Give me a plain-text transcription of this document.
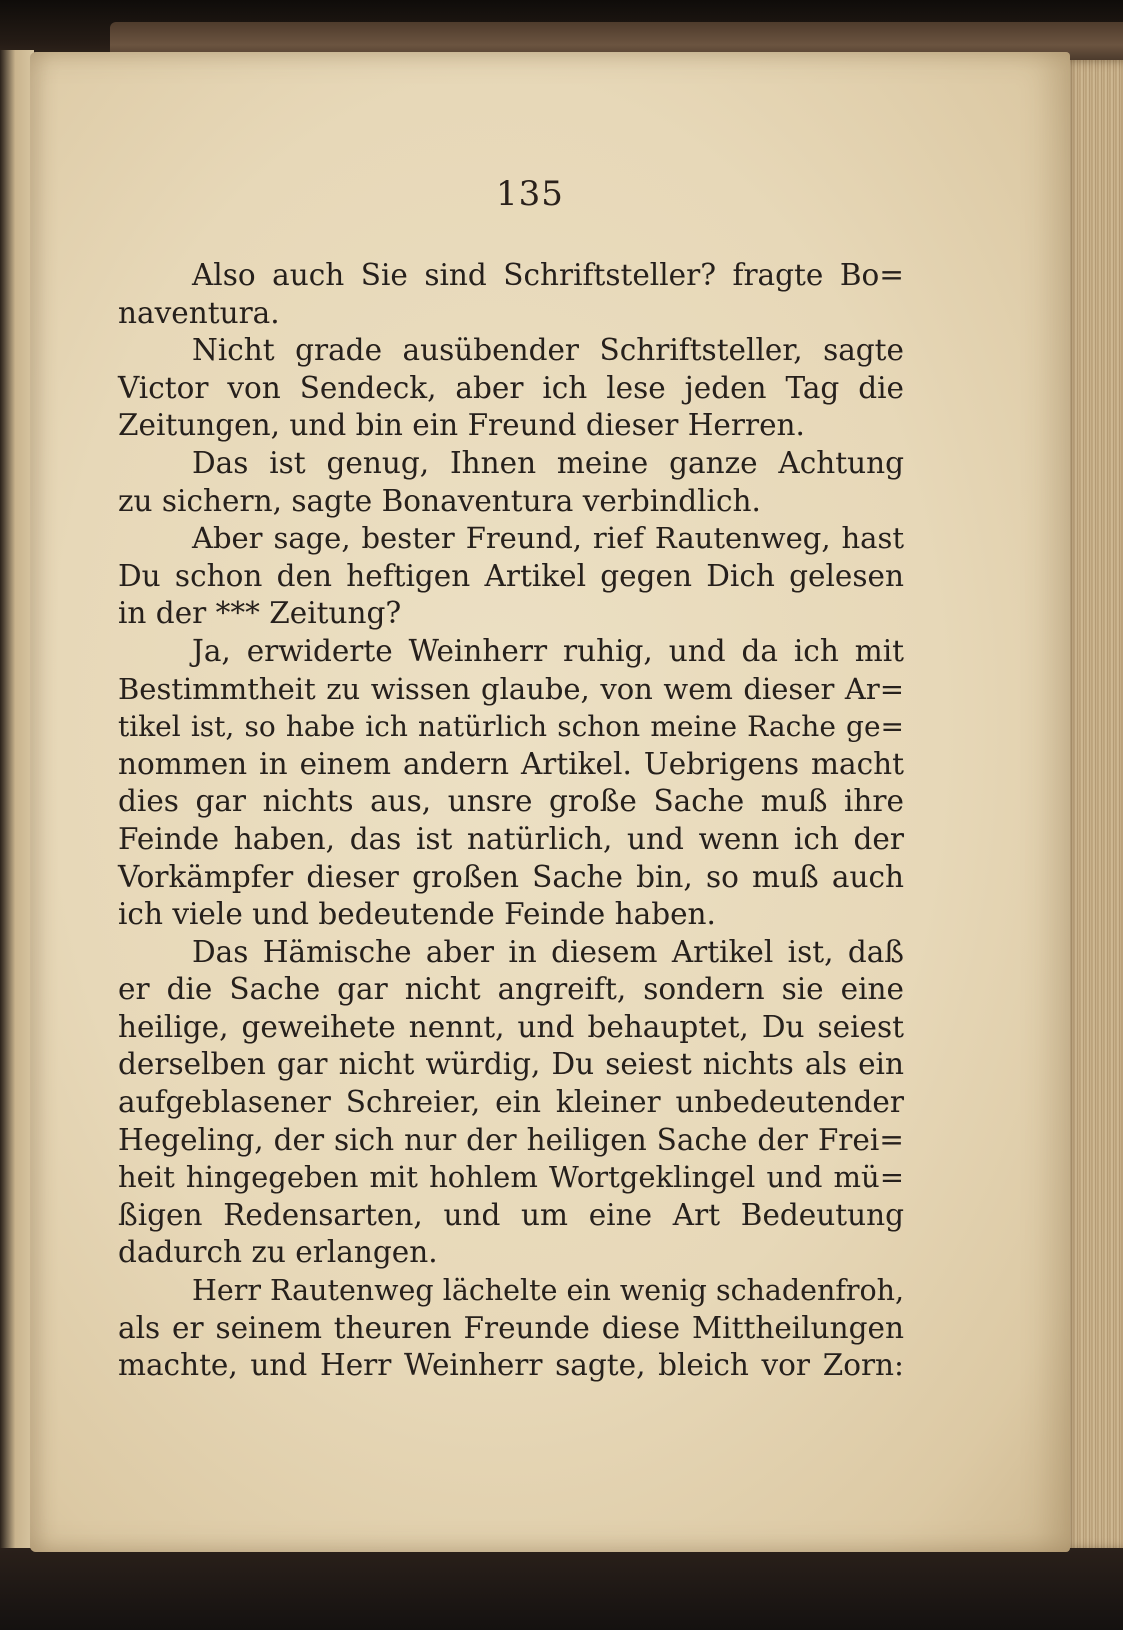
135
Also auch Sie sind Schriftsteller? fragte Bo=
naventura.
Nicht grade ausübender Schriftsteller, sagte
Victor von Sendeck, aber ich lese jeden Tag die
Zeitungen, und bin ein Freund dieser Herren.
Das ist genug, Ihnen meine ganze Achtung
zu sichern, sagte Bonaventura verbindlich.
Aber sage, bester Freund, rief Rautenweg, hast
Du schon den heftigen Artikel gegen Dich gelesen
in der *** Zeitung?
Ja, erwiderte Weinherr ruhig, und da ich mit
Bestimmtheit zu wissen glaube, von wem dieser Ar=
tikel ist, so habe ich natürlich schon meine Rache ge=
nommen in einem andern Artikel. Uebrigens macht
dies gar nichts aus, unsre große Sache muß ihre
Feinde haben, das ist natürlich, und wenn ich der
Vorkämpfer dieser großen Sache bin, so muß auch
ich viele und bedeutende Feinde haben.
Das Hämische aber in diesem Artikel ist, daß
er die Sache gar nicht angreift, sondern sie eine
heilige, geweihete nennt, und behauptet, Du seiest
derselben gar nicht würdig, Du seiest nichts als ein
aufgeblasener Schreier, ein kleiner unbedeutender
Hegeling, der sich nur der heiligen Sache der Frei=
heit hingegeben mit hohlem Wortgeklingel und mü=
ßigen Redensarten, und um eine Art Bedeutung
dadurch zu erlangen.
Herr Rautenweg lächelte ein wenig schadenfroh,
als er seinem theuren Freunde diese Mittheilungen
machte, und Herr Weinherr sagte, bleich vor Zorn:
